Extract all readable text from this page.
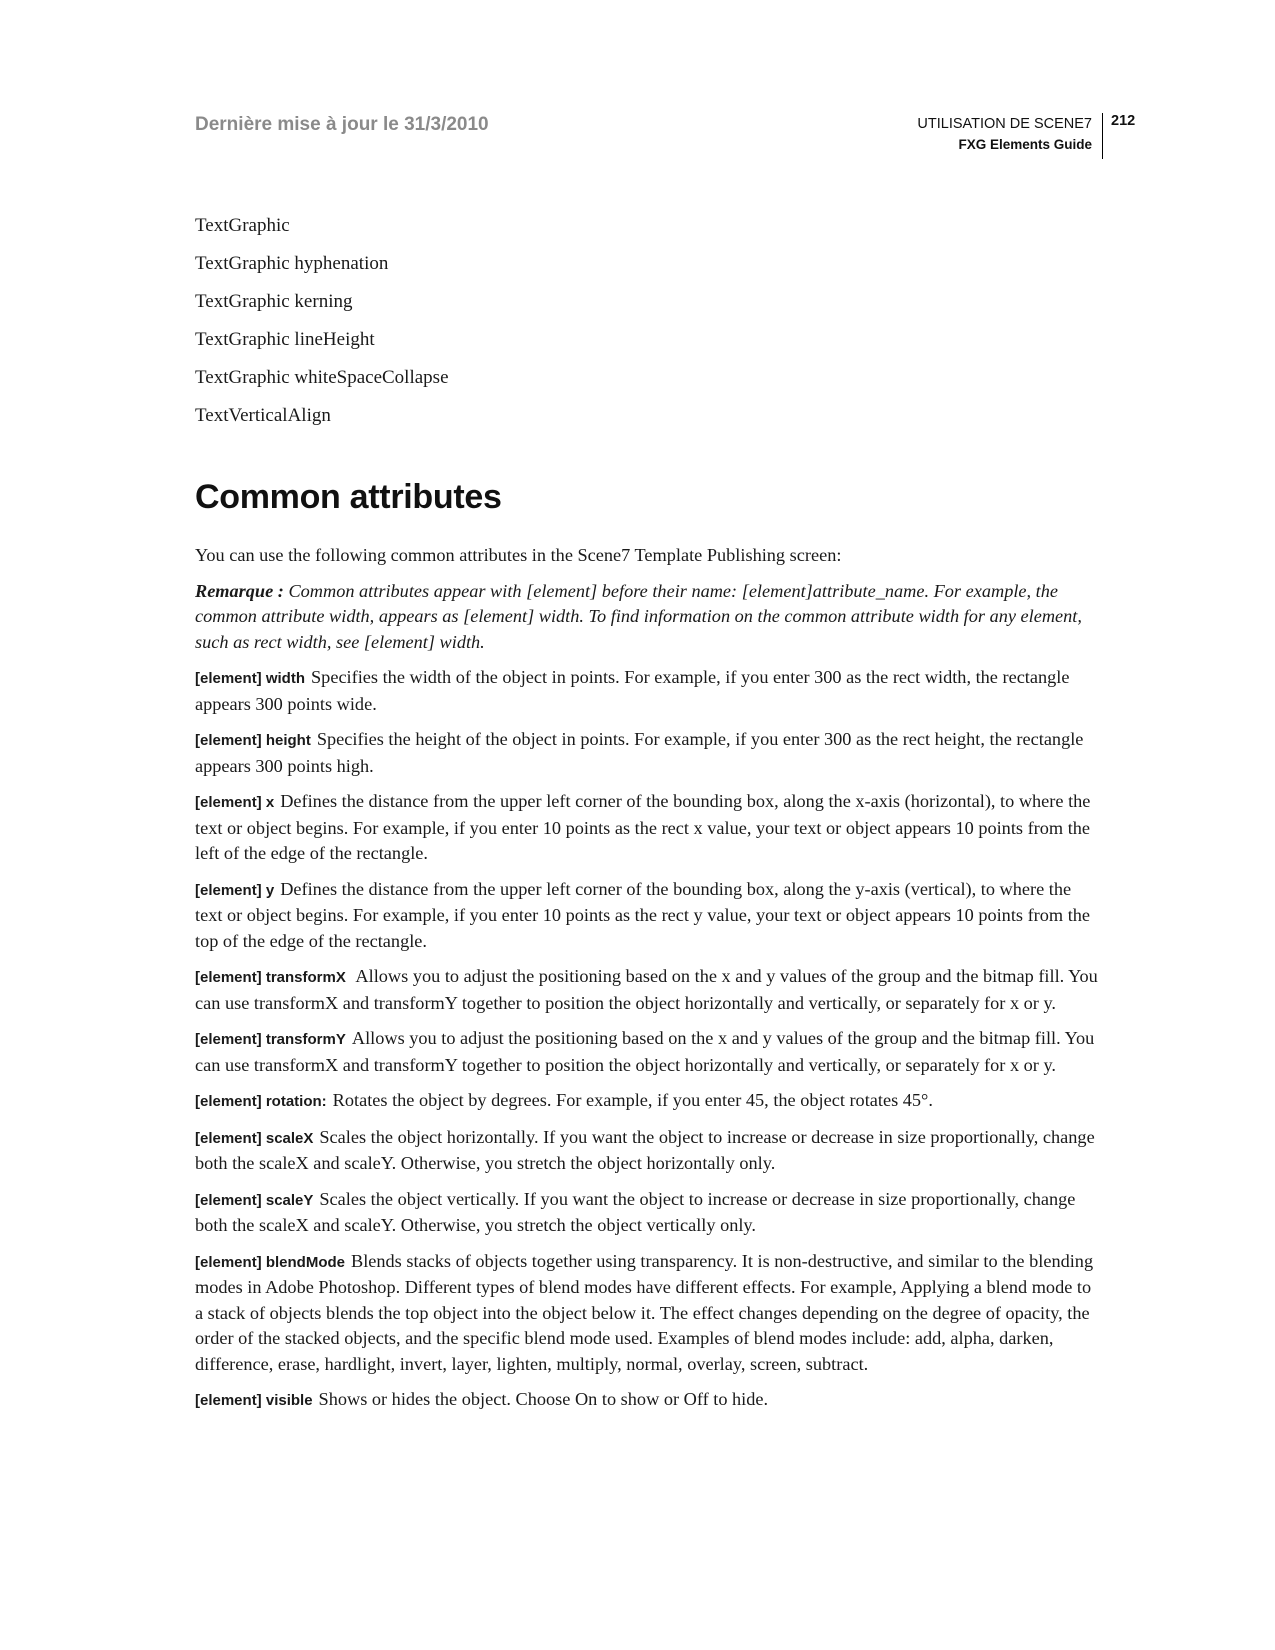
Dernière mise à jour le 31/3/2010	UTILISATION DE SCENE7
FXG Elements Guide
212
TextGraphic
TextGraphic hyphenation
TextGraphic kerning
TextGraphic lineHeight
TextGraphic whiteSpaceCollapse
TextVerticalAlign
Common attributes

You can use the following common attributes in the Scene7 Template Publishing screen:

Remarque : Common attributes appear with [element] before their name: [element]attribute_name. For example, the common attribute width, appears as [element] width. To find information on the common attribute width for any element, such as rect width, see [element] width.

[element] width Specifies the width of the object in points. For example, if you enter 300 as the rect width, the rectangle appears 300 points wide.

[element] height Specifies the height of the object in points. For example, if you enter 300 as the rect height, the rectangle appears 300 points high.

[element] x Defines the distance from the upper left corner of the bounding box, along the x-axis (horizontal), to where the text or object begins. For example, if you enter 10 points as the rect x value, your text or object appears 10 points from the left of the edge of the rectangle.

[element] y Defines the distance from the upper left corner of the bounding box, along the y-axis (vertical), to where the text or object begins. For example, if you enter 10 points as the rect y value, your text or object appears 10 points from the top of the edge of the rectangle.

[element] transformX Allows you to adjust the positioning based on the x and y values of the group and the bitmap fill. You can use transformX and transformY together to position the object horizontally and vertically, or separately for x or y.

[element] transformY Allows you to adjust the positioning based on the x and y values of the group and the bitmap fill. You can use transformX and transformY together to position the object horizontally and vertically, or separately for x or y.

[element] rotation: Rotates the object by degrees. For example, if you enter 45, the object rotates 45°.

[element] scaleX Scales the object horizontally. If you want the object to increase or decrease in size proportionally, change both the scaleX and scaleY. Otherwise, you stretch the object horizontally only.

[element] scaleY Scales the object vertically. If you want the object to increase or decrease in size proportionally, change both the scaleX and scaleY. Otherwise, you stretch the object vertically only.

[element] blendMode Blends stacks of objects together using transparency. It is non-destructive, and similar to the blending modes in Adobe Photoshop. Different types of blend modes have different effects. For example, Applying a blend mode to a stack of objects blends the top object into the object below it. The effect changes depending on the degree of opacity, the order of the stacked objects, and the specific blend mode used. Examples of blend modes include: add, alpha, darken, difference, erase, hardlight, invert, layer, lighten, multiply, normal, overlay, screen, subtract.

[element] visible Shows or hides the object. Choose On to show or Off to hide.
